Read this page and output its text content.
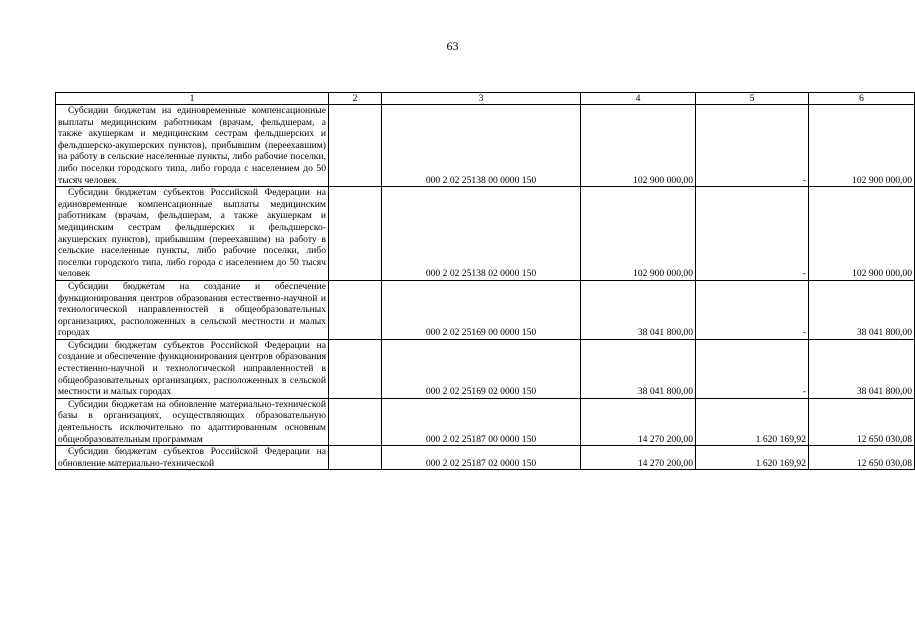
63
1	2	3	4	5	6
Субсидии бюджетам на единовременные компенсационные выплаты медицинским работникам (врачам, фельдшерам, а также акушеркам и медицинским сестрам фельдшерских и фельдшерско-акушерских пунктов), прибывшим (переехавшим) на работу в сельские населенные пункты, либо рабочие поселки, либо поселки городского типа, либо города с населением до 50 тысяч человек		000 2 02 25138 00 0000 150	102 900 000,00	-	102 900 000,00
Субсидии бюджетам субъектов Российской Федерации на единовременные компенсационные выплаты медицинским работникам (врачам, фельдшерам, а также акушеркам и медицинским сестрам фельдшерских и фельдшерско-акушерских пунктов), прибывшим (переехавшим) на работу в сельские населенные пункты, либо рабочие поселки, либо поселки городского типа, либо города с населением до 50 тысяч человек		000 2 02 25138 02 0000 150	102 900 000,00	-	102 900 000,00
Субсидии бюджетам на создание и обеспечение функционирования центров образования естественно-научной и технологической направленностей в общеобразовательных организациях, расположенных в сельской местности и малых городах		000 2 02 25169 00 0000 150	38 041 800,00	-	38 041 800,00
Субсидии бюджетам субъектов Российской Федерации на создание и обеспечение функционирования центров образования естественно-научной и технологической направленностей в общеобразовательных организациях, расположенных в сельской местности и малых городах		000 2 02 25169 02 0000 150	38 041 800,00	-	38 041 800,00
Субсидии бюджетам на обновление материально-технической базы в организациях, осуществляющих образовательную деятельность исключительно по адаптированным основным общеобразовательным программам		000 2 02 25187 00 0000 150	14 270 200,00	1 620 169,92	12 650 030,08
Субсидии бюджетам субъектов Российской Федерации на обновление материально-технической		000 2 02 25187 02 0000 150	14 270 200,00	1 620 169,92	12 650 030,08
